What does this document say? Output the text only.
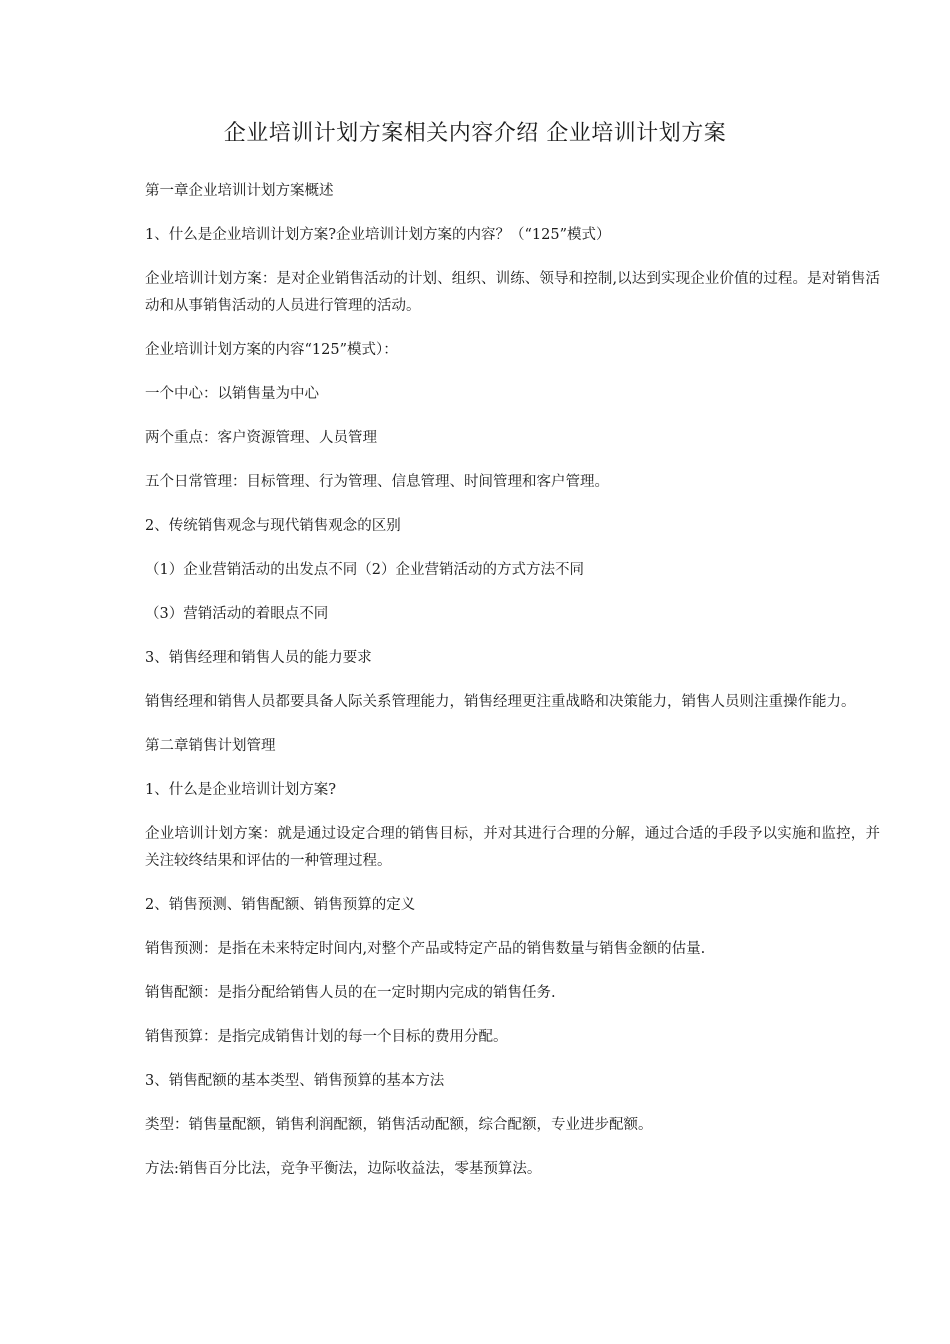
企业培训计划方案相关内容介绍 企业培训计划方案

第一章企业培训计划方案概述

1、什么是企业培训计划方案?企业培训计划方案的内容？（“125”模式）

企业培训计划方案：是对企业销售活动的计划、组织、训练、领导和控制,以达到实现企业价值的过程。是对销售活动和从事销售活动的人员进行管理的活动。

企业培训计划方案的内容“125”模式）：

一个中心：以销售量为中心

两个重点：客户资源管理、人员管理

五个日常管理：目标管理、行为管理、信息管理、时间管理和客户管理。

2、传统销售观念与现代销售观念的区别

（1）企业营销活动的出发点不同（2）企业营销活动的方式方法不同

（3）营销活动的着眼点不同

3、销售经理和销售人员的能力要求

销售经理和销售人员都要具备人际关系管理能力，销售经理更注重战略和决策能力，销售人员则注重操作能力。

第二章销售计划管理

1、什么是企业培训计划方案?

企业培训计划方案：就是通过设定合理的销售目标，并对其进行合理的分解，通过合适的手段予以实施和监控，并关注较终结果和评估的一种管理过程。

2、销售预测、销售配额、销售预算的定义

销售预测：是指在未来特定时间内,对整个产品或特定产品的销售数量与销售金额的估量.

销售配额：是指分配给销售人员的在一定时期内完成的销售任务.

销售预算：是指完成销售计划的每一个目标的费用分配。

3、销售配额的基本类型、销售预算的基本方法

类型：销售量配额，销售利润配额，销售活动配额，综合配额，专业进步配额。

方法:销售百分比法，竞争平衡法，边际收益法，零基预算法。
